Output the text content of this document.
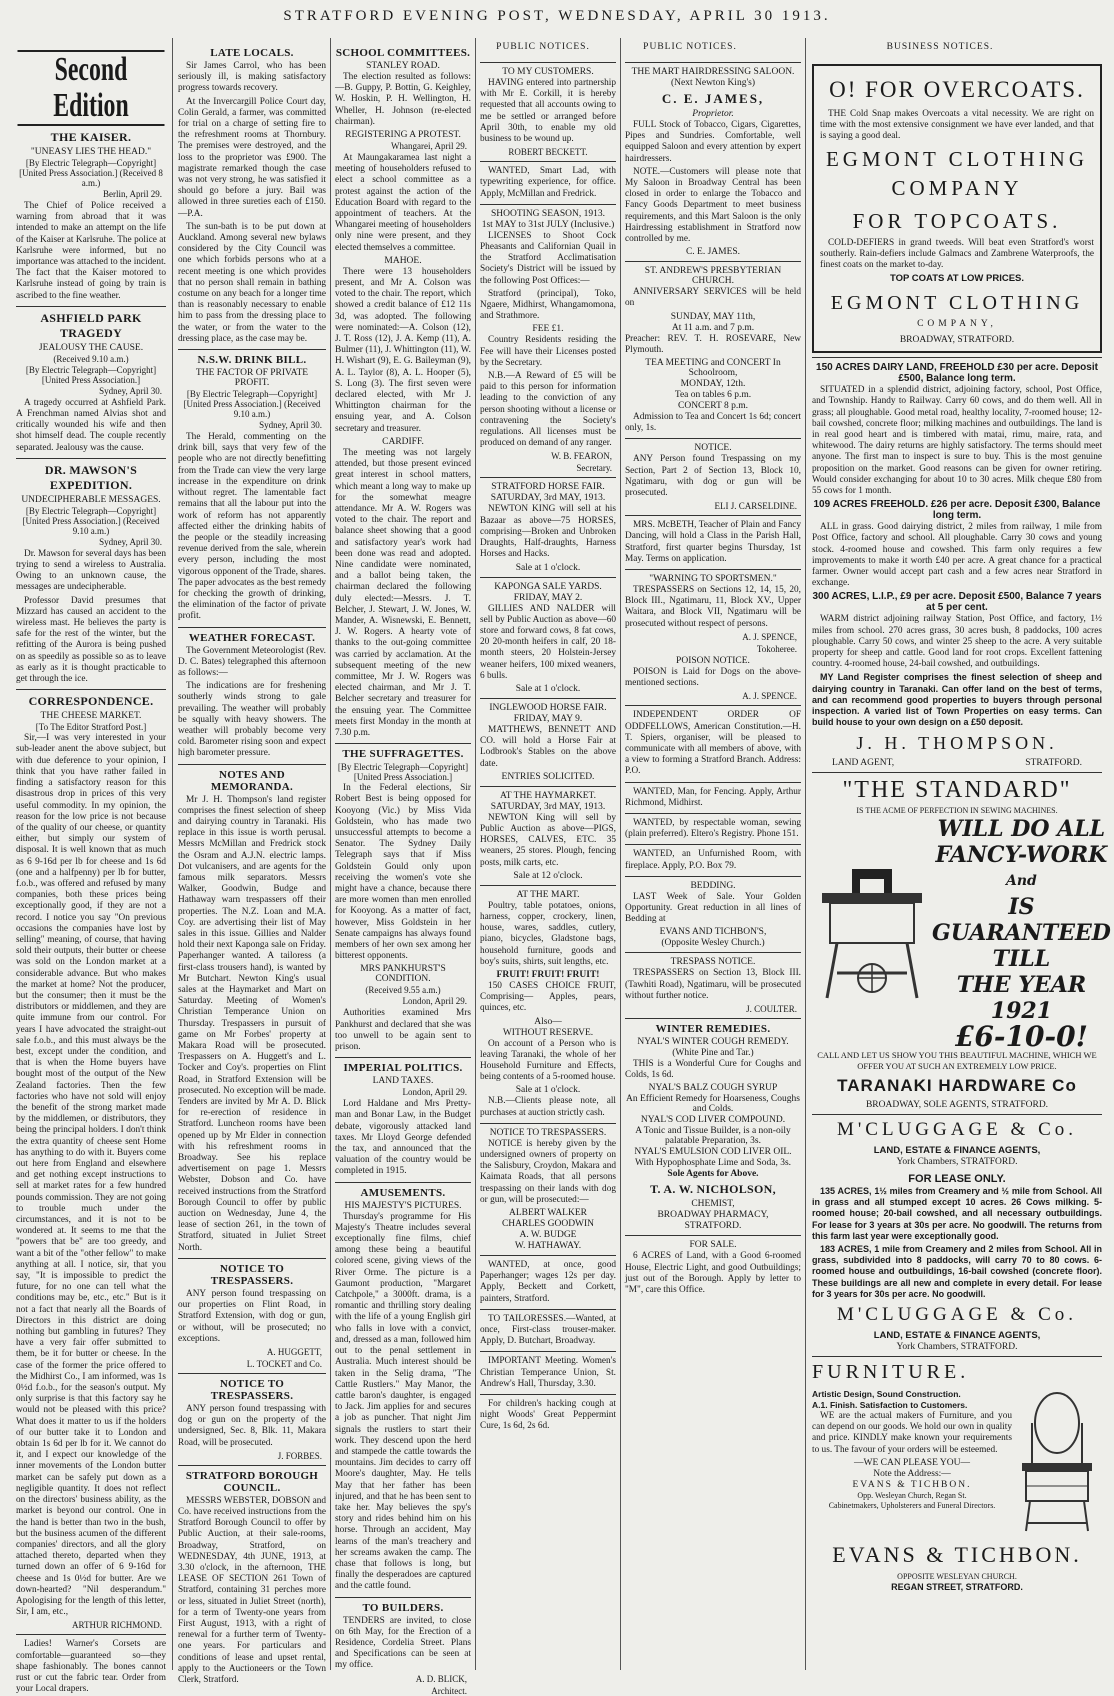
STRATFORD EVENING POST, WEDNESDAY, APRIL 30 1913.
PUBLIC NOTICES.	PUBLIC NOTICES.	BUSINESS NOTICES.
Second Edition
THE KAISER.
"UNEASY LIES THE HEAD."
[By Electric Telegraph—Copyright] [United Press Association.] (Received 8 a.m.)
Berlin, April 29.

The Chief of Police received a warning from abroad that it was intended to make an attempt on the life of the Kaiser at Karlsruhe. The police at Karlsruhe were informed, but no importance was attached to the incident. The fact that the Kaiser motored to Karlsruhe instead of going by train is ascribed to the fine weather.

ASHFIELD PARK TRAGEDY
JEALOUSY THE CAUSE.
(Received 9.10 a.m.)
[By Electric Telegraph—Copyright] [United Press Association.]
Sydney, April 30.

A tragedy occurred at Ashfield Park. A Frenchman named Alvias shot and critically wounded his wife and then shot himself dead. The couple recently separated. Jealousy was the cause.

DR. MAWSON'S EXPEDITION.
UNDECIPHERABLE MESSAGES.
[By Electric Telegraph—Copyright] [United Press Association.] (Received 9.10 a.m.)
Sydney, April 30.

Dr. Mawson for several days has been trying to send a wireless to Australia. Owing to an unknown cause, the messages are undecipherable.

Professor David presumes that Mizzard has caused an accident to the wireless mast. He believes the party is safe for the rest of the winter, but the refitting of the Aurora is being pushed on as speedily as possible so as to leave as early as it is thought practicable to get through the ice.

CORRESPONDENCE.
THE CHEESE MARKET.
[To The Editor Stratford Post.]

Sir,—I was very interested in your sub-leader anent the above subject, but with due deference to your opinion, I think that you have rather failed in finding a satisfactory reason for this disastrous drop in prices of this very useful commodity. In my opinion, the reason for the low price is not because of the quality of our cheese, or quantity either, but simply our system of disposal. It is well known that as much as 6 9-16d per lb for cheese and 1s 6d (one and a halfpenny) per lb for butter, f.o.b., was offered and refused by many companies, both these prices being exceptionally good, if they are not a record. I notice you say "On previous occasions the companies have lost by selling" meaning, of course, that having sold their outputs, their butter or cheese was sold on the London market at a considerable advance. But who makes the market at home? Not the producer, but the consumer; then it must be the distributors or middlemen, and they are quite immune from our control. For years I have advocated the straight-out sale f.o.b., and this must always be the best, except under the condition, and that is when the Home buyers have bought most of the output of the New Zealand factories. Then the few factories who have not sold will enjoy the benefit of the strong market made by the middlemen, or distributors, they being the principal holders. I don't think the extra quantity of cheese sent Home has anything to do with it. Buyers come out here from England and elsewhere and get nothing except instructions to sell at market rates for a few hundred pounds commission. They are not going to trouble much under the circumstances, and it is not to be wondered at. It seems to me that the "powers that be" are too greedy, and want a bit of the "other fellow" to make anything at all. I notice, sir, that you say, "It is impossible to predict the future, for no one can tell what the conditions may be, etc., etc." But is it not a fact that nearly all the Boards of Directors in this district are doing nothing but gambling in futures? They have a very fair offer submitted to them, be it for butter or cheese. In the case of the former the price offered to the Midhirst Co., I am informed, was 1s 0½d f.o.b., for the season's output. My only surprise is that this factory say he would not be pleased with this price? What does it matter to us if the holders of our butter take it to London and obtain 1s 6d per lb for it. We cannot do it, and I expect our knowledge of the inner movements of the London butter market can be safely put down as a negligible quantity. It does not reflect on the directors' business ability, as the market is beyond our control. One in the hand is better than two in the bush, but the business acumen of the different companies' directors, and all the glory attached thereto, departed when they turned down an offer of 6 9-16d for cheese and 1s 0½d for butter. Are we down-hearted? "Nil desperandum." Apologising for the length of this letter, Sir, I am, etc.,

ARTHUR RICHMOND.

Ladies! Warner's Corsets are comfortable—guaranteed so—they shape fashionably. The bones cannot rust or cut the fabric tear. Order from your Local drapers.

LATE LOCALS.

Sir James Carrol, who has been seriously ill, is making satisfactory progress towards recovery.

At the Invercargill Police Court day, Colin Gerald, a farmer, was committed for trial on a charge of setting fire to the refreshment rooms at Thornbury. The premises were destroyed, and the loss to the proprietor was £900. The magistrate remarked though the case was not very strong, he was satisfied it should go before a jury. Bail was allowed in three sureties each of £150.—P.A.

The sun-bath is to be put down at Auckland. Among several new bylaws considered by the City Council was one which forbids persons who at a recent meeting is one which provides that no person shall remain in bathing costume on any beach for a longer time than is reasonably necessary to enable him to pass from the dressing place to the water, or from the water to the dressing place, as the case may be.

N.S.W. DRINK BILL.
THE FACTOR OF PRIVATE PROFIT.
[By Electric Telegraph—Copyright] [United Press Association.] (Received 9.10 a.m.)
Sydney, April 30.

The Herald, commenting on the drink bill, says that very few of the people who are not directly benefitting from the Trade can view the very large increase in the expenditure on drink without regret. The lamentable fact remains that all the labour put into the work of reform has not apparently affected either the drinking habits of the people or the steadily increasing revenue derived from the sale, wherein every person, including the most vigorous opponent of the Trade, shares. The paper advocates as the best remedy for checking the growth of drinking, the elimination of the factor of private profit.

WEATHER FORECAST.

The Government Meteorologist (Rev. D. C. Bates) telegraphed this afternoon as follows:—

The indications are for freshening southerly winds strong to gale prevailing. The weather will probably be squally with heavy showers. The weather will probably become very cold. Barometer rising soon and expect high barometer pressure.

NOTES AND MEMORANDA.

Mr J. H. Thompson's land register comprises the finest selection of sheep and dairying country in Taranaki. His replace in this issue is worth perusal. Messrs McMillan and Fredrick stock the Osram and A.J.N. electric lamps. Dot vulcanisers, and are agents for the famous milk separators. Messrs Walker, Goodwin, Budge and Hathaway warn trespassers off their properties. The N.Z. Loan and M.A. Coy. are advertising their list of May sales in this issue. Gillies and Nalder hold their next Kaponga sale on Friday. Paperhanger wanted. A tailoress (a first-class trousers hand), is wanted by Mr Butchart. Newton King's usual sales at the Haymarket and Mart on Saturday. Meeting of Women's Christian Temperance Union on Thursday. Trespassers in pursuit of game on Mr Forbes' property at Makara Road will be prosecuted. Trespassers on A. Huggett's and L. Tocker and Coy's. properties on Flint Road, in Stratford Extension will be prosecuted. No exception will be made. Tenders are invited by Mr A. D. Blick for re-erection of residence in Stratford. Luncheon rooms have been opened up by Mr Elder in connection with his refreshment rooms in Broadway. See his replace advertisement on page 1. Messrs Webster, Dobson and Co. have received instructions from the Stratford Borough Council to offer by public auction on Wednesday, June 4, the lease of section 261, in the town of Stratford, situated in Juliet Street North.

NOTICE TO TRESPASSERS.

ANY person found trespassing on our properties on Flint Road, in Stratford Extension, with dog or gun, or without, will be prosecuted; no exceptions.

A. HUGGETT,
L. TOCKET and Co.
NOTICE TO TRESPASSERS.

ANY person found trespassing with dog or gun on the property of the undersigned, Sec. 8, Blk. 11, Makara Road, will be prosecuted.

J. FORBES.
STRATFORD BOROUGH COUNCIL.

MESSRS WEBSTER, DOBSON and Co. have received instructions from the Stratford Borough Council to offer by Public Auction, at their sale-rooms, Broadway, Stratford, on WEDNESDAY, 4th JUNE, 1913, at 3.30 o'clock, in the afternoon, THE LEASE OF SECTION 261 Town of Stratford, containing 31 perches more or less, situated in Juliet Street (north), for a term of Twenty-one years from First August, 1913, with a right of renewal for a further term of Twenty-one years. For particulars and conditions of lease and upset rental, apply to the Auctioneers or the Town Clerk, Stratford.

SCHOOL COMMITTEES.
STANLEY ROAD.

The election resulted as follows:—B. Guppy, P. Bottin, G. Keighley, W. Hoskin, P. H. Wellington, H. Wheller, H. Johnson (re-elected chairman).

REGISTERING A PROTEST.
Whangarei, April 29.

At Maungakaramea last night a meeting of householders refused to elect a school committee as a protest against the action of the Education Board with regard to the appointment of teachers. At the Whangarei meeting of householders only nine were present, and they elected themselves a committee.

MAHOE.

There were 13 householders present, and Mr A. Colson was voted to the chair. The report, which showed a credit balance of £12 11s 3d, was adopted. The following were nominated:—A. Colson (12), J. T. Ross (12), J. A. Kemp (11), A. Bulmer (11), J. Whittington (11), W. H. Wishart (9), E. G. Baileyman (9), A. L. Taylor (8), A. L. Hooper (5), S. Long (3). The first seven were declared elected, with Mr J. Whittington chairman for the ensuing year, and A. Colson secretary and treasurer.

CARDIFF.

The meeting was not largely attended, but those present evinced great interest in school matters, which meant a long way to make up for the somewhat meagre attendance. Mr A. W. Rogers was voted to the chair. The report and balance sheet showing that a good and satisfactory year's work had been done was read and adopted. Nine candidate were nominated, and a ballot being taken, the chairman declared the following duly elected:—Messrs. J. T. Belcher, J. Stewart, J. W. Jones, W. Mander, A. Wisnewski, E. Bennett, J. W. Rogers. A hearty vote of thanks to the out-going committee was carried by acclamation. At the subsequent meeting of the new committee, Mr J. W. Rogers was elected chairman, and Mr J. T. Belcher secretary and treasurer for the ensuing year. The Committee meets first Monday in the month at 7.30 p.m.

THE SUFFRAGETTES.
[By Electric Telegraph—Copyright] [United Press Association.]

In the Federal elections, Sir Robert Best is being opposed for Kooyong (Vic.) by Miss Vida Goldstein, who has made two unsuccessful attempts to become a Senator. The Sydney Daily Telegraph says that if Miss Goldstein Gould only upon receiving the women's vote she might have a chance, because there are more women than men enrolled for Kooyong. As a matter of fact, however, Miss Goldstein in her Senate campaigns has always found members of her own sex among her bitterest opponents.

MRS PANKHURST'S CONDITION.
(Received 9.55 a.m.)
London, April 29.

Authorities examined Mrs Pankhurst and declared that she was too unwell to be again sent to prison.

IMPERIAL POLITICS.
LAND TAXES.
London, April 29.

Lord Haldane and Mrs Pretty-man and Bonar Law, in the Budget debate, vigorously attacked land taxes. Mr Lloyd George defended the tax, and announced that the valuation of the country would be completed in 1915.

AMUSEMENTS.
HIS MAJESTY'S PICTURES.

Thursday's programme for His Majesty's Theatre includes several exceptionally fine films, chief among these being a beautiful colored scene, giving views of the River Orme. The picture is a Gaumont production, "Margaret Catchpole," a 3000ft. drama, is a romantic and thrilling story dealing with the life of a young English girl who falls in love with a convict, and, dressed as a man, followed him out to the penal settlement in Australia. Much interest should be taken in the Selig drama, "The Cattle Rustlers." May Manor, the cattle baron's daughter, is engaged to Jack. Jim applies for and secures a job as puncher. That night Jim signals the rustlers to start their work. They descend upon the herd and stampede the cattle towards the mountains. Jim decides to carry off Moore's daughter, May. He tells May that her father has been injured, and that he has been sent to take her. May believes the spy's story and rides behind him on his horse. Through an accident, May learns of the man's treachery and her screams awaken the camp. The chase that follows is long, but finally the desperadoes are captured and the cattle found.

TO BUILDERS.

TENDERS are invited, to close on 6th May, for the Erection of a Residence, Cordelia Street. Plans and Specifications can be seen at my office.

A. D. BLICK,
Architect.
TO MY CUSTOMERS.

HAVING entered into partnership with Mr E. Corkill, it is hereby requested that all accounts owing to me be settled or arranged before April 30th, to enable my old business to be wound up.

ROBERT BECKETT.

WANTED, Smart Lad, with typewriting experience, for office. Apply, McMillan and Fredrick.

SHOOTING SEASON, 1913.
1st MAY to 31st JULY (Inclusive.)

LICENSES to Shoot Cock Pheasants and Californian Quail in the Stratford Acclimatisation Society's District will be issued by the following Post Offices:—

Stratford (principal), Toko, Ngaere, Midhirst, Whangamomona, and Strathmore.

FEE £1.

Country Residents residing the Fee will have their Licenses posted by the Secretary.

N.B.—A Reward of £5 will be paid to this person for information leading to the conviction of any person shooting without a license or contravening the Society's regulations. All licenses must be produced on demand of any ranger.

W. B. FEARON,
Secretary.
STRATFORD HORSE FAIR.
SATURDAY, 3rd MAY, 1913.

NEWTON KING will sell at his Bazaar as above—75 HORSES, comprising—Broken and Unbroken Draughts, Half-draughts, Harness Horses and Hacks.

Sale at 1 o'clock.
KAPONGA SALE YARDS.
FRIDAY, MAY 2.

GILLIES AND NALDER will sell by Public Auction as above—60 store and forward cows, 8 fat cows, 20 20-month heifers in calf, 20 18-month steers, 20 Holstein-Jersey weaner heifers, 100 mixed weaners, 6 bulls.

Sale at 1 o'clock.
INGLEWOOD HORSE FAIR.
FRIDAY, MAY 9.

MATTHEWS, BENNETT AND CO. will hold a Horse Fair at Lodbrook's Stables on the above date.

ENTRIES SOLICITED.
AT THE HAYMARKET.
SATURDAY, 3rd MAY, 1913.

NEWTON King will sell by Public Auction as above—PIGS, HORSES, CALVES, ETC. 35 weaners, 25 stores. Plough, fencing posts, milk carts, etc.

Sale at 12 o'clock.
AT THE MART.

Poultry, table potatoes, onions, harness, copper, crockery, linen, house, wares, saddles, cutlery, piano, bicycles, Gladstone bags, household furniture, goods and boy's suits, shirts, suit lengths, etc.

FRUIT! FRUIT! FRUIT!

150 CASES CHOICE FRUIT, Comprising— Apples, pears, quinces, etc.

Also—
WITHOUT RESERVE.

On account of a Person who is leaving Taranaki, the whole of her Household Furniture and Effects, being contents of a 5-roomed house.

Sale at 1 o'clock.

N.B.—Clients please note, all purchases at auction strictly cash.

NOTICE TO TRESPASSERS.

NOTICE is hereby given by the undersigned owners of property on the Salisbury, Croydon, Makara and Kaimata Roads, that all persons trespassing on their lands with dog or gun, will be prosecuted:—

ALBERT WALKER
CHARLES GOODWIN
A. W. BUDGE
W. HATHAWAY.

WANTED, at once, good Paperhanger; wages 12s per day. Apply, Beckett and Corkett, painters, Stratford.

TO TAILORESSES.—Wanted, at once, First-class trouser-maker. Apply, D. Butchart, Broadway.

IMPORTANT Meeting. Women's Christian Temperance Union, St. Andrew's Hall, Thursday, 3.30.

For children's hacking cough at night Woods' Great Peppermint Cure, 1s 6d, 2s 6d.

THE MART HAIRDRESSING SALOON.
(Next Newton King's)
C. E. JAMES,
Proprietor.

FULL Stock of Tobacco, Cigars, Cigarettes, Pipes and Sundries. Comfortable, well equipped Saloon and every attention by expert hairdressers.

NOTE.—Customers will please note that My Saloon in Broadway Central has been closed in order to enlarge the Tobacco and Fancy Goods Department to meet business requirements, and this Mart Saloon is the only Hairdressing establishment in Stratford now controlled by me.

C. E. JAMES.
ST. ANDREW'S PRESBYTERIAN CHURCH.

ANNIVERSARY SERVICES will be held on

SUNDAY, MAY 11th,
At 11 a.m. and 7 p.m.

Preacher: REV. T. H. ROSEVARE, New Plymouth.

TEA MEETING and CONCERT In Schoolroom,
MONDAY, 12th.
Tea on tables 6 p.m.
CONCERT 8 p.m.

Admission to Tea and Concert 1s 6d; concert only, 1s.

NOTICE.

ANY Person found Trespassing on my Section, Part 2 of Section 13, Block 10, Ngatimaru, with dog or gun will be prosecuted.

ELI J. CARSELDINE.

MRS. McBETH, Teacher of Plain and Fancy Dancing, will hold a Class in the Parish Hall, Stratford, first quarter begins Thursday, 1st May. Terms on application.

"WARNING TO SPORTSMEN."

TRESPASSERS on Sections 12, 14, 15, 20, Block III., Ngatimaru, 11, Block XV., Upper Waitara, and Block VII, Ngatimaru will be prosecuted without respect of persons.

A. J. SPENCE,
Tokoheree.
POISON NOTICE.

POISON is Laid for Dogs on the above-mentioned sections.

A. J. SPENCE.

INDEPENDENT ORDER OF ODDFELLOWS, American Constitution.—H. T. Spiers, organiser, will be pleased to communicate with all members of above, with a view to forming a Stratford Branch. Address: P.O.

WANTED, Man, for Fencing. Apply, Arthur Richmond, Midhirst.

WANTED, by respectable woman, sewing (plain preferred). Eltero's Registry. Phone 151.

WANTED, an Unfurnished Room, with fireplace. Apply, P.O. Box 79.

BEDDING.

LAST Week of Sale. Your Golden Opportunity. Great reduction in all lines of Bedding at

EVANS AND TICHBON'S,
(Opposite Wesley Church.)
TRESPASS NOTICE.

TRESPASSERS on Section 13, Block III. (Tawhiti Road), Ngatimaru, will be prosecuted without further notice.

J. COULTER.
WINTER REMEDIES.
NYAL'S WINTER COUGH REMEDY.
(White Pine and Tar.)

THIS is a Wonderful Cure for Coughs and Colds, 1s 6d.

NYAL'S BALZ COUGH SYRUP
An Efficient Remedy for Hoarseness, Coughs and Colds.
NYAL'S COD LIVER COMPOUND.
A Tonic and Tissue Builder, is a non-oily palatable Preparation, 3s.
NYAL'S EMULSION COD LIVER OIL.
With Hypophosphate Lime and Soda, 3s.
Sole Agents for Above.
T. A. W. NICHOLSON,
CHEMIST,
BROADWAY PHARMACY,
STRATFORD.
FOR SALE.

6 ACRES of Land, with a Good 6-roomed House, Electric Light, and good Outbuildings; just out of the Borough. Apply by letter to "M", care this Office.

O! FOR OVERCOATS.

THE Cold Snap makes Overcoats a vital necessity. We are right on time with the most extensive consignment we have ever landed, and that is saying a good deal.

EGMONT CLOTHING
COMPANY
FOR TOPCOATS.

COLD-DEFIERS in grand tweeds. Will beat even Stratford's worst southerly. Rain-defiers include Galmacs and Zambrene Waterproofs, the finest coats on the market to-day.

TOP COATS AT LOW PRICES.
EGMONT CLOTHING
COMPANY,
BROADWAY, STRATFORD.
150 ACRES DAIRY LAND, FREEHOLD £30 per acre. Deposit £500, Balance long term.

SITUATED in a splendid district, adjoining factory, school, Post Office, and Township. Handy to Railway. Carry 60 cows, and do them well. All in grass; all ploughable. Good metal road, healthy locality, 7-roomed house; 12-bail cowshed, concrete floor; milking machines and outbuildings. The land is in real good heart and is timbered with matai, rimu, maire, rata, and whitewood. The dairy returns are highly satisfactory. The terms should meet anyone. The first man to inspect is sure to buy. This is the most genuine proposition on the market. Good reasons can be given for owner retiring. Would consider exchanging for about 10 to 30 acres. Milk cheque £80 from 55 cows for 1 month.

109 ACRES FREEHOLD. £26 per acre. Deposit £300, Balance long term.

ALL in grass. Good dairying district, 2 miles from railway, 1 mile from Post Office, factory and school. All ploughable. Carry 30 cows and young stock. 4-roomed house and cowshed. This farm only requires a few improvements to make it worth £40 per acre. A great chance for a practical farmer. Owner would accept part cash and a few acres near Stratford in exchange.

300 ACRES, L.I.P., £9 per acre. Deposit £500, Balance 7 years at 5 per cent.

WARM district adjoining railway Station, Post Office, and factory, 1½ miles from school. 270 acres grass, 30 acres bush, 8 paddocks, 100 acres ploughable. Carry 50 cows, and winter 25 sheep to the acre. A very suitable property for sheep and cattle. Good land for root crops. Excellent fattening country. 4-roomed house, 24-bail cowshed, and outbuildings.

MY Land Register comprises the finest selection of sheep and dairying country in Taranaki. Can offer land on the best of terms, and can recommend good properties to buyers through personal inspection. A varied list of Town Properties on easy terms. Can build house to your own design on a £50 deposit.

J. H. THOMPSON.
LAND AGENT,	STRATFORD.
"THE STANDARD"
IS THE ACME OF PERFECTION IN SEWING MACHINES.
WILL DO ALL
FANCY-WORK
And
IS GUARANTEED
TILL
THE YEAR 1921
£6-10-0!

CALL AND LET US SHOW YOU THIS BEAUTIFUL MACHINE, WHICH WE OFFER YOU AT SUCH AN EXTREMELY LOW PRICE.

TARANAKI HARDWARE Co
BROADWAY, SOLE AGENTS, STRATFORD.
M'CLUGGAGE & Co.
LAND, ESTATE & FINANCE AGENTS,
York Chambers, STRATFORD.
FOR LEASE ONLY.

135 ACRES, 1½ miles from Creamery and ½ mile from School. All in grass and all stumped except 10 acres. 26 Cows milking. 5-roomed house; 20-bail cowshed, and all necessary outbuildings. For lease for 3 years at 30s per acre. No goodwill. The returns from this farm last year were exceptionally good.

183 ACRES, 1 mile from Creamery and 2 miles from School. All in grass, subdivided into 8 paddocks, will carry 70 to 80 cows. 6-roomed house and outbuildings, 16-bail cowshed (concrete floor). These buildings are all new and complete in every detail. For lease for 3 years for 30s per acre. No goodwill.

M'CLUGGAGE & Co.
LAND, ESTATE & FINANCE AGENTS,
York Chambers, STRATFORD.
FURNITURE.
Artistic Design, Sound Construction.
A.1. Finish. Satisfaction to Customers.

WE are the actual makers of Furniture, and you can depend on our goods. We hold our own in quality and price. KINDLY make known your requirements to us. The favour of your orders will be esteemed.

—WE CAN PLEASE YOU—
Note the Address:—
EVANS & TICHBON.
Opp. Wesleyan Church, Regan St.
Cabinetmakers, Upholsterers and Funeral Directors.
EVANS & TICHBON.
OPPOSITE WESLEYAN CHURCH.
REGAN STREET, STRATFORD.
